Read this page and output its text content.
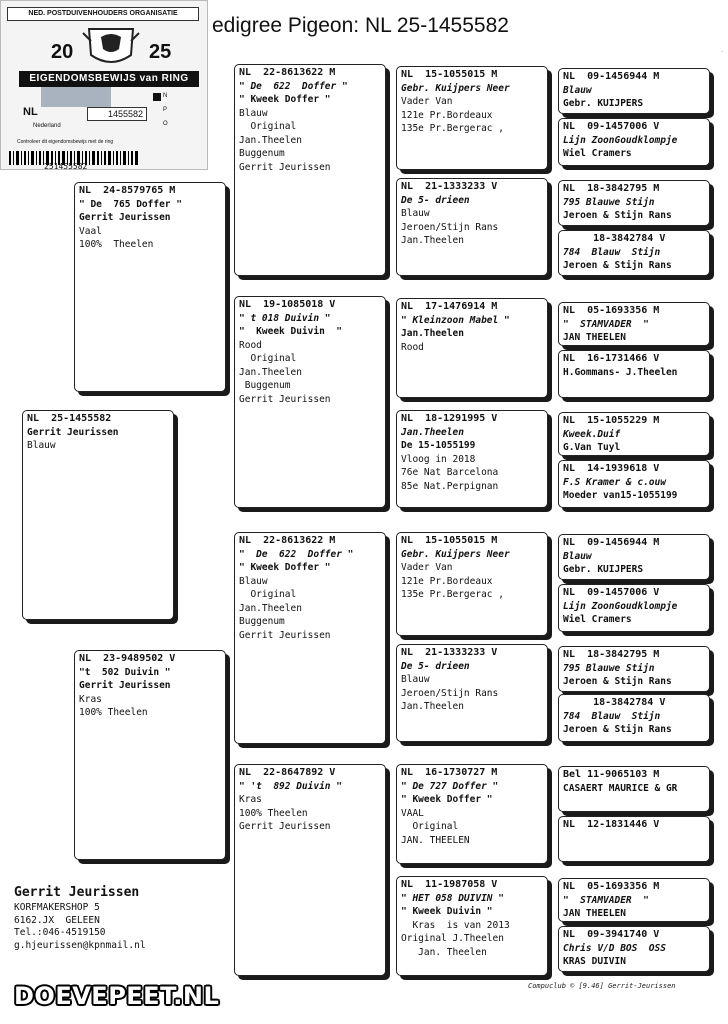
edigree Pigeon: NL 25-1455582
·
NED. POSTDUIVENHOUDERS ORGANISATIE
20	25
EIGENDOMSBEWIJS van RING
NL	1455582
Nederland
N
P
O
Controleer dit eigendomsbewijs met de ring
NL  25-1455582
Gerrit Jeurissen
Blauw
NL  24-8579765 M
" De  765 Doffer "
Gerrit Jeurissen
Vaal
100%  Theelen
NL  23-9489502 V
"t  502 Duivin "
Gerrit Jeurissen
Kras
100% Theelen
NL  22-8613622 M
" De  622  Doffer "
" Kweek Doffer "
Blauw
Original
Jan.Theelen
Buggenum
Gerrit Jeurissen
NL  19-1085018 V
" t 018 Duivin "
"  Kweek Duivin  "
Rood
Original
Jan.Theelen
Buggenum
Gerrit Jeurissen
NL  22-8613622 M
"  De  622  Doffer "
" Kweek Doffer "
Blauw
Original
Jan.Theelen
Buggenum
Gerrit Jeurissen
NL  22-8647892 V
" 't  892 Duivin "
Kras
100% Theelen
Gerrit Jeurissen
NL  15-1055015 M
Gebr. Kuijpers Neer
Vader Van
121e Pr.Bordeaux
135e Pr.Bergerac ,
NL  21-1333233 V
De 5- drieen
Blauw
Jeroen/Stijn Rans
Jan.Theelen
NL  17-1476914 M
" Kleinzoon Mabel "
Jan.Theelen
Rood
NL  18-1291995 V
Jan.Theelen
De 15-1055199
Vloog in 2018
76e Nat Barcelona
85e Nat.Perpignan
NL  15-1055015 M
Gebr. Kuijpers Neer
Vader Van
121e Pr.Bordeaux
135e Pr.Bergerac ,
NL  21-1333233 V
De 5- drieen
Blauw
Jeroen/Stijn Rans
Jan.Theelen
NL  16-1730727 M
" De 727 Doffer "
" Kweek Doffer "
VAAL
Original
JAN. THEELEN
NL  11-1987058 V
" HET 058 DUIVIN "
" Kweek Duivin "
Kras  is van 2013
Original J.Theelen
Jan. Theelen
NL  09-1456944 M
Blauw
Gebr. KUIJPERS
NL  09-1457006 V
Lijn ZoonGoudklompje
Wiel Cramers
NL  18-3842795 M
795 Blauwe Stijn
Jeroen & Stijn Rans
18-3842784 V
784  Blauw  Stijn
Jeroen & Stijn Rans
NL  05-1693356 M
"  STAMVADER  "
JAN THEELEN
NL  16-1731466 V
H.Gommans- J.Theelen
NL  15-1055229 M
Kweek.Duif
G.Van Tuyl
NL  14-1939618 V
F.S Kramer & c.ouw
Moeder van15-1055199
NL  09-1456944 M
Blauw
Gebr. KUIJPERS
NL  09-1457006 V
Lijn ZoonGoudklompje
Wiel Cramers
NL  18-3842795 M
795 Blauwe Stijn
Jeroen & Stijn Rans
18-3842784 V
784  Blauw  Stijn
Jeroen & Stijn Rans
Bel 11-9065103 M
CASAERT MAURICE & GR
NL  12-1831446 V
NL  05-1693356 M
"  STAMVADER  "
JAN THEELEN
NL  09-3941740 V
Chris V/D BOS  OSS
KRAS DUIVIN
Gerrit Jeurissen
KORFMAKERSHOP 5
6162.JX  GELEEN
Tel.:046-4519150
g.hjeurissen@kpnmail.nl
DOEVEPEET.NL	Compuclub © [9.46] Gerrit-Jeurissen
251455582
